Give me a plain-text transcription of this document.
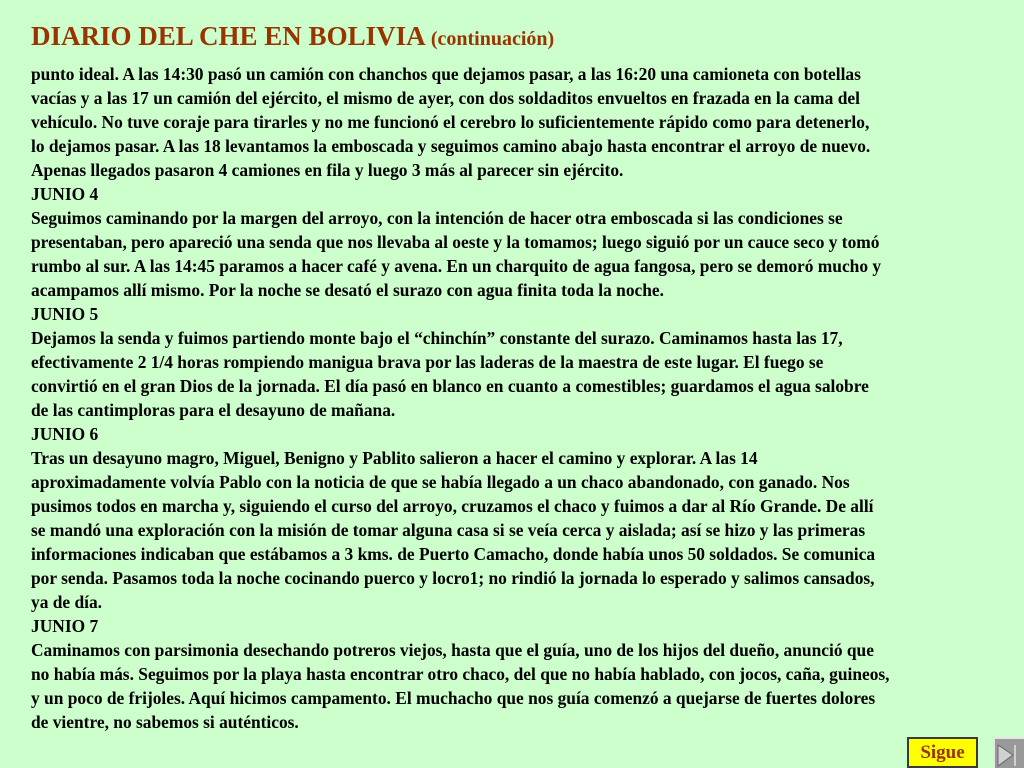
DIARIO DEL CHE EN BOLIVIA (continuación)
punto ideal. A las 14:30 pasó un camión con chanchos que dejamos pasar, a las 16:20 una camioneta con botellas
vacías y a las 17 un camión del ejército, el mismo de ayer, con dos soldaditos envueltos en frazada en la cama del
vehículo. No tuve coraje para tirarles y no me funcionó el cerebro lo suficientemente rápido como para detenerlo,
lo dejamos pasar. A las 18 levantamos la emboscada y seguimos camino abajo hasta encontrar el arroyo de nuevo.
Apenas llegados pasaron 4 camiones en fila y luego 3 más al parecer sin ejército.
JUNIO 4
Seguimos caminando por la margen del arroyo, con la intención de hacer otra emboscada si las condiciones se
presentaban, pero apareció una senda que nos llevaba al oeste y la tomamos; luego siguió por un cauce seco y tomó
rumbo al sur. A las 14:45 paramos a hacer café y avena. En un charquito de agua fangosa, pero se demoró mucho y
acampamos allí mismo. Por la noche se desató el surazo con agua finita toda la noche.
JUNIO 5
Dejamos la senda y fuimos partiendo monte bajo el “chinchín” constante del surazo. Caminamos hasta las 17,
efectivamente 2 1/4 horas rompiendo manigua brava por las laderas de la maestra de este lugar. El fuego se
convirtió en el gran Dios de la jornada. El día pasó en blanco en cuanto a comestibles; guardamos el agua salobre
de las cantimploras para el desayuno de mañana.
JUNIO 6
Tras un desayuno magro, Miguel, Benigno y Pablito salieron a hacer el camino y explorar. A las 14
aproximadamente volvía Pablo con la noticia de que se había llegado a un chaco abandonado, con ganado. Nos
pusimos todos en marcha y, siguiendo el curso del arroyo, cruzamos el chaco y fuimos a dar al Río Grande. De allí
se mandó una exploración con la misión de tomar alguna casa si se veía cerca y aislada; así se hizo y las primeras
informaciones indicaban que estábamos a 3 kms. de Puerto Camacho, donde había unos 50 soldados. Se comunica
por senda. Pasamos toda la noche cocinando puerco y locro1; no rindió la jornada lo esperado y salimos cansados,
ya de día.
JUNIO 7
Caminamos con parsimonia desechando potreros viejos, hasta que el guía, uno de los hijos del dueño, anunció que
no había más. Seguimos por la playa hasta encontrar otro chaco, del que no había hablado, con jocos, caña, guineos,
y un poco de frijoles. Aquí hicimos campamento. El muchacho que nos guía comenzó a quejarse de fuertes dolores
de vientre, no sabemos si auténticos.
Sigue
